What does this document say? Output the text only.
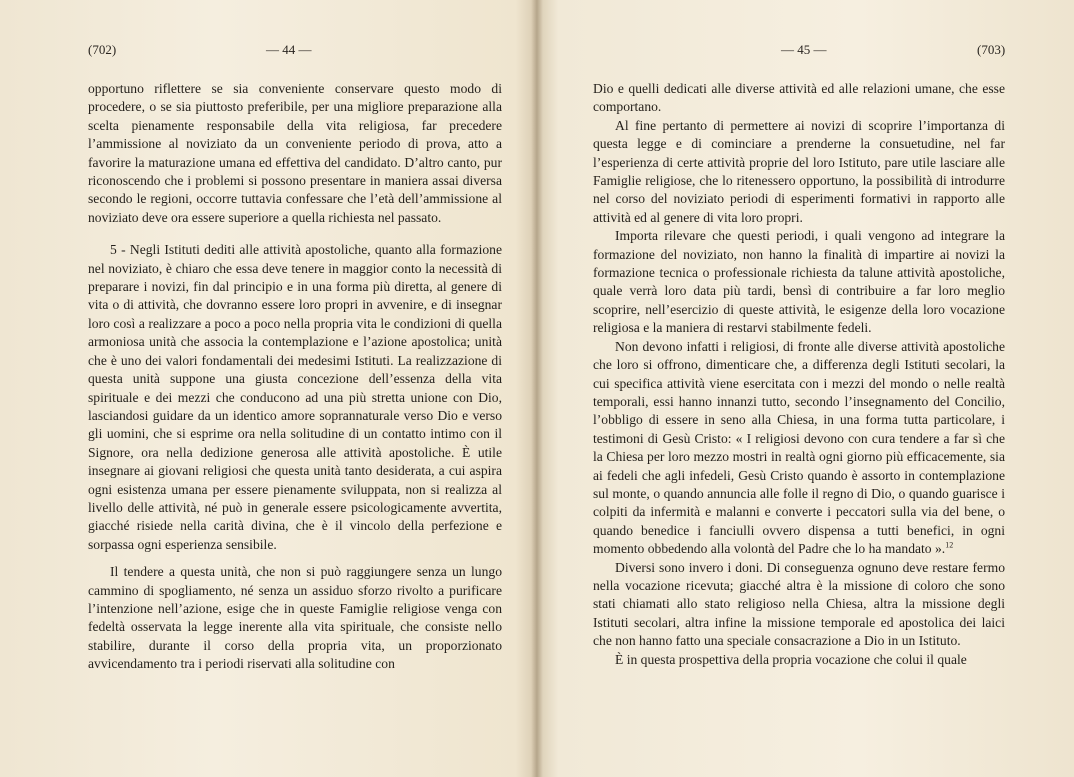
(702)	— 44 —

opportuno riflettere se sia conveniente conservare questo modo di procedere, o se sia piuttosto preferibile, per una migliore preparazione alla scelta pienamente responsabile della vita religiosa, far precedere l’ammissione al noviziato da un conveniente periodo di prova, atto a favorire la maturazione umana ed effettiva del candidato. D’altro canto, pur riconoscendo che i problemi si possono presentare in maniera assai diversa secondo le regioni, occorre tuttavia confessare che l’età dell’ammissione al noviziato deve ora essere superiore a quella richiesta nel passato.

5 - Negli Istituti dediti alle attività apostoliche, quanto alla formazione nel noviziato, è chiaro che essa deve tenere in maggior conto la necessità di preparare i novizi, fin dal principio e in una forma più diretta, al genere di vita o di attività, che dovranno essere loro propri in avvenire, e di insegnar loro così a realizzare a poco a poco nella propria vita le condizioni di quella armoniosa unità che associa la contemplazione e l’azione apostolica; unità che è uno dei valori fondamentali dei medesimi Istituti. La realizzazione di questa unità suppone una giusta concezione dell’essenza della vita spirituale e dei mezzi che conducono ad una più stretta unione con Dio, lasciandosi guidare da un identico amore soprannaturale verso Dio e verso gli uomini, che si esprime ora nella solitudine di un contatto intimo con il Signore, ora nella dedizione generosa alle attività apostoliche. È utile insegnare ai giovani religiosi che questa unità tanto desiderata, a cui aspira ogni esistenza umana per essere pienamente sviluppata, non si realizza al livello delle attività, né può in generale essere psicologicamente avvertita, giacché risiede nella carità divina, che è il vincolo della perfezione e sorpassa ogni esperienza sensibile.

Il tendere a questa unità, che non si può raggiungere senza un lungo cammino di spogliamento, né senza un assiduo sforzo rivolto a purificare l’intenzione nell’azione, esige che in queste Famiglie religiose venga con fedeltà osservata la legge inerente alla vita spirituale, che consiste nello stabilire, durante il corso della propria vita, un proporzionato avvicendamento tra i periodi riservati alla solitudine con

— 45 —	(703)

Dio e quelli dedicati alle diverse attività ed alle relazioni umane, che esse comportano.

Al fine pertanto di permettere ai novizi di scoprire l’importanza di questa legge e di cominciare a prenderne la consuetudine, nel far l’esperienza di certe attività proprie del loro Istituto, pare utile lasciare alle Famiglie religiose, che lo ritenessero opportuno, la possibilità di introdurre nel corso del noviziato periodi di esperimenti formativi in rapporto alle attività ed al genere di vita loro propri.

Importa rilevare che questi periodi, i quali vengono ad integrare la formazione del noviziato, non hanno la finalità di impartire ai novizi la formazione tecnica o professionale richiesta da talune attività apostoliche, quale verrà loro data più tardi, bensì di contribuire a far loro meglio scoprire, nell’esercizio di queste attività, le esigenze della loro vocazione religiosa e la maniera di restarvi stabilmente fedeli.

Non devono infatti i religiosi, di fronte alle diverse attività apostoliche che loro si offrono, dimenticare che, a differenza degli Istituti secolari, la cui specifica attività viene esercitata con i mezzi del mondo o nelle realtà temporali, essi hanno innanzi tutto, secondo l’insegnamento del Concilio, l’obbligo di essere in seno alla Chiesa, in una forma tutta particolare, i testimoni di Gesù Cristo: « I religiosi devono con cura tendere a far sì che la Chiesa per loro mezzo mostri in realtà ogni giorno più efficacemente, sia ai fedeli che agli infedeli, Gesù Cristo quando è assorto in contemplazione sul monte, o quando annuncia alle folle il regno di Dio, o quando guarisce i colpiti da infermità e malanni e converte i peccatori sulla via del bene, o quando benedice i fanciulli ovvero dispensa a tutti benefici, in ogni momento obbedendo alla volontà del Padre che lo ha mandato ».$^{12}$

Diversi sono invero i doni. Di conseguenza ognuno deve restare fermo nella vocazione ricevuta; giacché altra è la missione di coloro che sono stati chiamati allo stato religioso nella Chiesa, altra la missione degli Istituti secolari, altra infine la missione temporale ed apostolica dei laici che non hanno fatto una speciale consacrazione a Dio in un Istituto.

È in questa prospettiva della propria vocazione che colui il quale
